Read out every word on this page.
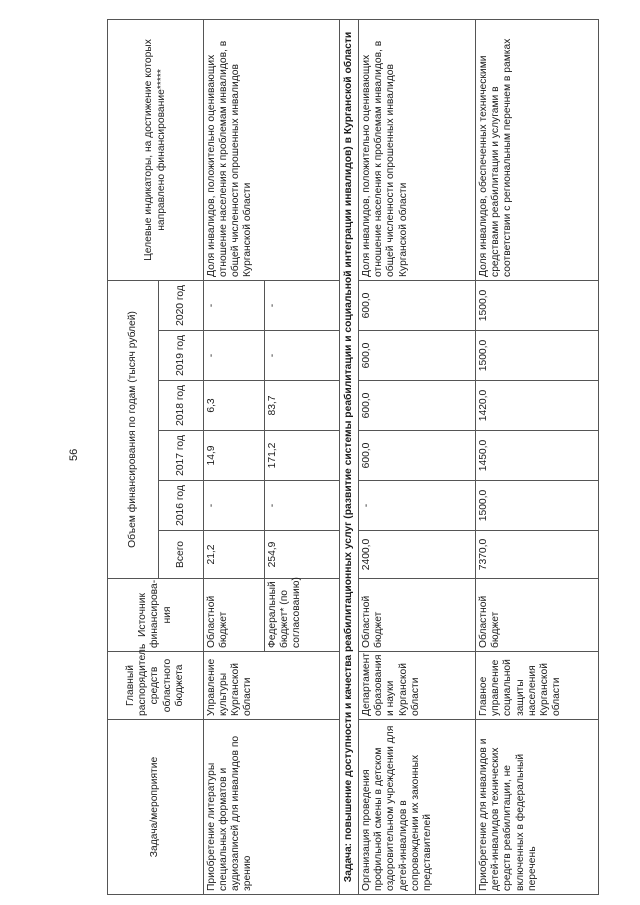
56
Задача/мероприятие	Главный распорядитель средств областного бюджета	Источник финансирова-ния	Объем финансирования по годам (тысяч рублей)						Целевые индикаторы, на достижение которых направлено финансирование*****
			Всего	2016 год	2017 год	2018 год	2019 год	2020 год	
Приобретение литературы специальных форматов и аудиозаписей для инвалидов по зрению	Управление культуры Курганской области	Областной бюджет	21,2	-	14,9	6,3	-	-	Доля инвалидов, положительно оценивающих отношение населения к проблемам инвалидов, в общей численности опрошенных инвалидов Курганской области
		Федеральный бюджет* (по согласованию)	254,9	-	171,2	83,7	-	-	
Задача: повышение доступности и качества реабилитационных услуг (развитие системы реабилитации и социальной интеграции инвалидов) в Курганской области									
Организация проведения профильной смены в детском оздоровительном учреждении для детей-инвалидов в сопровождении их законных представителей	Департамент образования и науки Курганской области	Областной бюджет	2400,0	-	600,0	600,0	600,0	600,0	Доля инвалидов, положительно оценивающих отношение населения к проблемам инвалидов, в общей численности опрошенных инвалидов Курганской области
Приобретение для инвалидов и детей-инвалидов технических средств реабилитации, не включенных в федеральный перечень	Главное управление социальной защиты населения Курганской области	Областной бюджет	7370,0	1500,0	1450,0	1420,0	1500,0	1500,0	Доля инвалидов, обеспеченных техническими средствами реабилитации и услугами в соответствии с региональным перечнем в рамках
